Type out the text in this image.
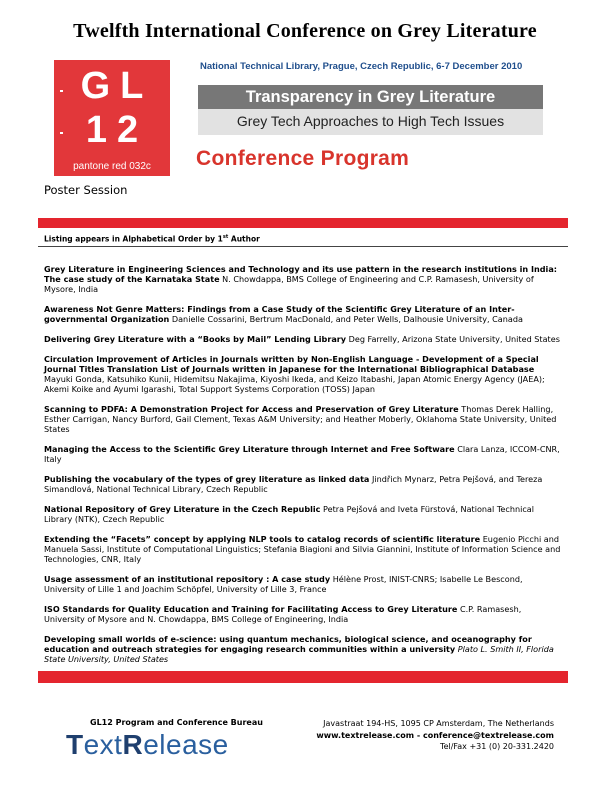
Twelfth International Conference on Grey Literature
GL
12
pantone red 032c
National Technical Library, Prague, Czech Republic, 6-7 December 2010
Transparency in Grey Literature
Grey Tech Approaches to High Tech Issues
Conference Program
Poster Session
Listing appears in Alphabetical Order by 1st Author

Grey Literature in Engineering Sciences and Technology and its use pattern in the research institutions in India: The case study of the Karnataka State N. Chowdappa, BMS College of Engineering and C.P. Ramasesh, University of Mysore, India

Awareness Not Genre Matters: Findings from a Case Study of the Scientific Grey Literature of an Inter-governmental Organization Danielle Cossarini, Bertrum MacDonald, and Peter Wells, Dalhousie University, Canada

Delivering Grey Literature with a “Books by Mail” Lending Library Deg Farrelly, Arizona State University, United States

Circulation Improvement of Articles in Journals written by Non-English Language - Development of a Special Journal Titles Translation List of Journals written in Japanese for the International Bibliographical Database Mayuki Gonda, Katsuhiko Kunii, Hidemitsu Nakajima, Kiyoshi Ikeda, and Keizo Itabashi, Japan Atomic Energy Agency (JAEA); Akemi Koike and Ayumi Igarashi, Total Support Systems Corporation (TOSS) Japan

Scanning to PDFA: A Demonstration Project for Access and Preservation of Grey Literature Thomas Derek Halling, Esther Carrigan, Nancy Burford, Gail Clement, Texas A&M University; and Heather Moberly, Oklahoma State University, United States

Managing the Access to the Scientific Grey Literature through Internet and Free Software Clara Lanza, ICCOM-CNR, Italy

Publishing the vocabulary of the types of grey literature as linked data Jindřich Mynarz, Petra Pejšová, and Tereza Simandlová, National Technical Library, Czech Republic

National Repository of Grey Literature in the Czech Republic Petra Pejšová and Iveta Fürstová, National Technical Library (NTK), Czech Republic

Extending the “Facets” concept by applying NLP tools to catalog records of scientific literature Eugenio Picchi and Manuela Sassi, Institute of Computational Linguistics; Stefania Biagioni and Silvia Giannini, Institute of Information Science and Technologies, CNR, Italy

Usage assessment of an institutional repository : A case study Hélène Prost, INIST-CNRS; Isabelle Le Bescond, University of Lille 1 and Joachim Schöpfel, University of Lille 3, France

ISO Standards for Quality Education and Training for Facilitating Access to Grey Literature C.P. Ramasesh, University of Mysore and N. Chowdappa, BMS College of Engineering, India

Developing small worlds of e-science: using quantum mechanics, biological science, and oceanography for education and outreach strategies for engaging research communities within a university Plato L. Smith II, Florida State University, United States

GL12 Program and Conference Bureau
TextRelease
Javastraat 194-HS, 1095 CP Amsterdam, The Netherlands
www.textrelease.com - conference@textrelease.com
Tel/Fax +31 (0) 20-331.2420
